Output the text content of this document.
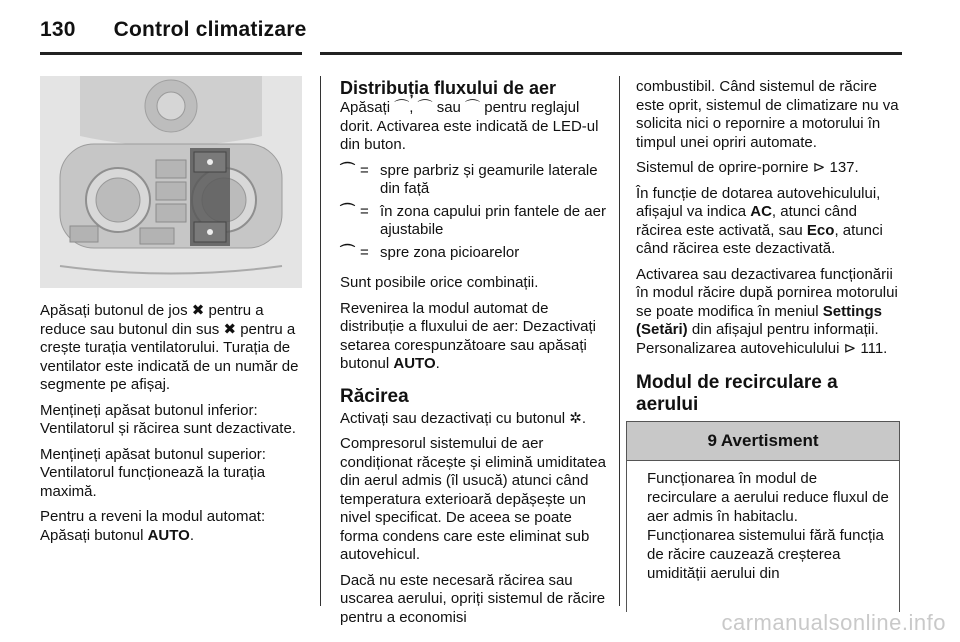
130 Control climatizare

Apăsați butonul de jos ✖ pentru a reduce sau butonul din sus ✖ pentru a crește turația ventilatorului. Turația de ventilator este indicată de un număr de segmente pe afișaj.

Mențineți apăsat butonul inferior: Ventilatorul și răcirea sunt dezactivate.

Mențineți apăsat butonul superior: Ventilatorul funcționează la turația maximă.

Pentru a reveni la modul automat: Apăsați butonul AUTO.

Distribuția fluxului de aer

Apăsați ⌒, ⌒ sau ⌒ pentru reglajul dorit. Activarea este indicată de LED-ul din buton.

⌒ = spre parbriz și geamurile laterale din față
⌒ = în zona capului prin fantele de aer ajustabile
⌒ = spre zona picioarelor

Sunt posibile orice combinații.

Revenirea la modul automat de distribuție a fluxului de aer: Dezactivați setarea corespunzătoare sau apăsați butonul AUTO.

Răcirea

Activați sau dezactivați cu butonul ✲.

Compresorul sistemului de aer condiționat răcește și elimină umiditatea din aerul admis (îl usucă) atunci când temperatura exterioară depășește un nivel specificat. De aceea se poate forma condens care este eliminat sub autovehicul.

Dacă nu este necesară răcirea sau uscarea aerului, opriți sistemul de răcire pentru a economisi

combustibil. Când sistemul de răcire este oprit, sistemul de climatizare nu va solicita nici o repornire a motorului în timpul unei opriri automate.

Sistemul de oprire-pornire ⊳ 137.

În funcție de dotarea autovehiculului, afișajul va indica AC, atunci când răcirea este activată, sau Eco, atunci când răcirea este dezactivată.

Activarea sau dezactivarea funcționării în modul răcire după pornirea motorului se poate modifica în meniul Settings (Setări) din afișajul pentru informații.

Personalizarea autovehiculului ⊳ 111.

Modul de recirculare a aerului
9 Avertisment
Funcționarea în modul de recirculare a aerului reduce fluxul de aer admis în habitaclu. Funcționarea sistemului fără funcția de răcire cauzează creșterea umidității aerului din
carmanualsonline.info
